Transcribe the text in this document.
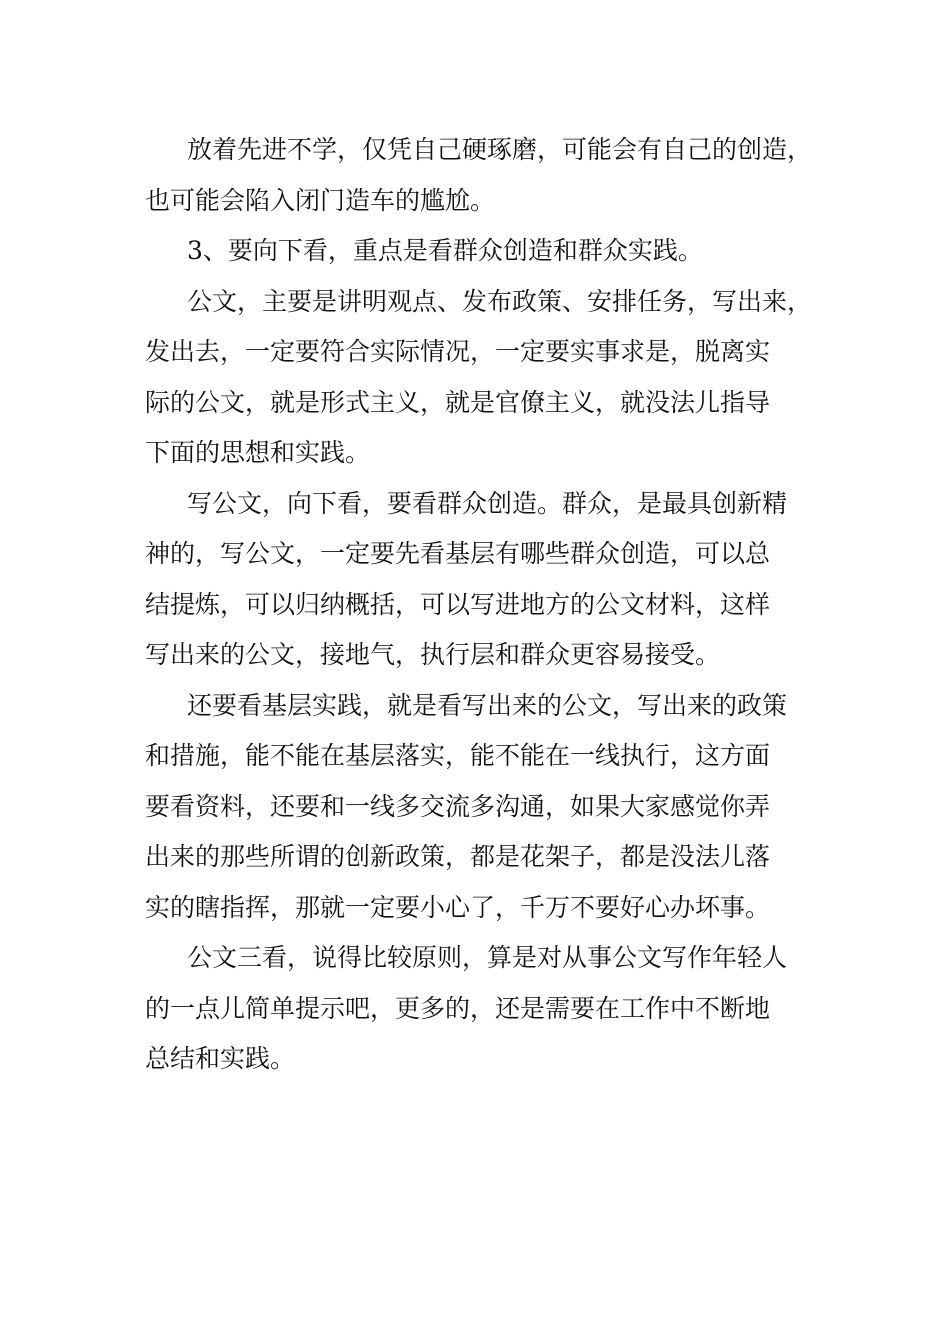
放着先进不学，仅凭自己硬琢磨，可能会有自己的创造，
也可能会陷入闭门造车的尴尬。
3、要向下看，重点是看群众创造和群众实践。
公文，主要是讲明观点、发布政策、安排任务，写出来，
发出去，一定要符合实际情况，一定要实事求是，脱离实
际的公文，就是形式主义，就是官僚主义，就没法儿指导
下面的思想和实践。
写公文，向下看，要看群众创造。群众，是最具创新精
神的，写公文，一定要先看基层有哪些群众创造，可以总
结提炼，可以归纳概括，可以写进地方的公文材料，这样
写出来的公文，接地气，执行层和群众更容易接受。
还要看基层实践，就是看写出来的公文，写出来的政策
和措施，能不能在基层落实，能不能在一线执行，这方面
要看资料，还要和一线多交流多沟通，如果大家感觉你弄
出来的那些所谓的创新政策，都是花架子，都是没法儿落
实的瞎指挥，那就一定要小心了，千万不要好心办坏事。
公文三看，说得比较原则，算是对从事公文写作年轻人
的一点儿简单提示吧，更多的，还是需要在工作中不断地
总结和实践。
